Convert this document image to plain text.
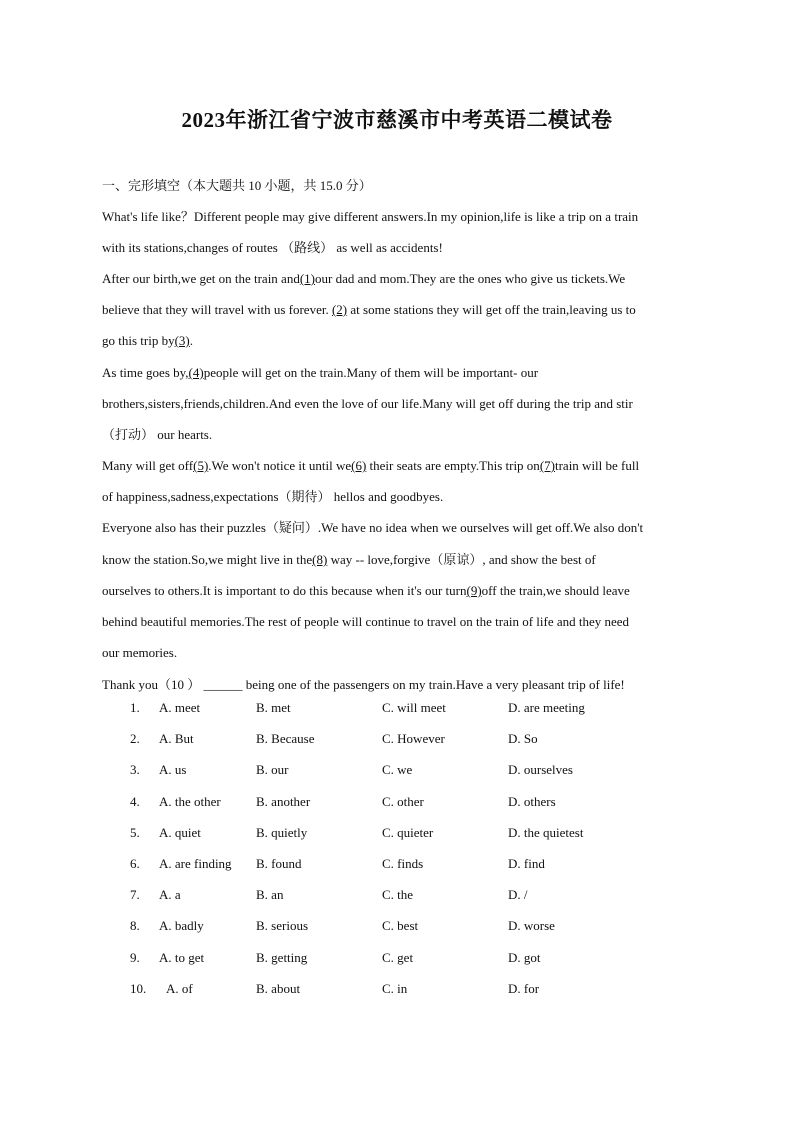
2023年浙江省宁波市慈溪市中考英语二模试卷
一、完形填空（本大题共 10 小题，共 15.0 分）
What's life like？Different people may give different answers.In my opinion,life is like a trip on a train
with its stations,changes of routes （路线） as well as accidents!
After our birth,we get on the train and(1)our dad and mom.They are the ones who give us tickets.We
believe that they will travel with us forever. (2) at some stations they will get off the train,leaving us to
go this trip by(3).
As time goes by,(4)people will get on the train.Many of them will be important- our
brothers,sisters,friends,children.And even the love of our life.Many will get off during the trip and stir
（打动） our hearts.
Many will get off(5).We won't notice it until we(6) their seats are empty.This trip on(7)train will be full
of happiness,sadness,expectations（期待） hellos and goodbyes.
Everyone also has their puzzles（疑问）.We have no idea when we ourselves will get off.We also don't
know the station.So,we might live in the(8) way -- love,forgive（原谅）, and show the best of
ourselves to others.It is important to do this because when it's our turn(9)off the train,we should leave
behind beautiful memories.The rest of people will continue to travel on the train of life and they need
our memories.
Thank you（10 ） ______ being one of the passengers on my train.Have a very pleasant trip of life!
1. A. meet	B. met	C. will meet	D. are meeting
2. A. But	B. Because	C. However	D. So
3. A. us	B. our	C. we	D. ourselves
4. A. the other	B. another	C. other	D. others
5. A. quiet	B. quietly	C. quieter	D. the quietest
6. A. are finding B. found	C. finds	D. find
7. A. a	B. an	C. the	D. /
8. A. badly	B. serious	C. best	D. worse
9. A. to get	B. getting	C. get	D. got
10. A. of	B. about	C. in	D. for
